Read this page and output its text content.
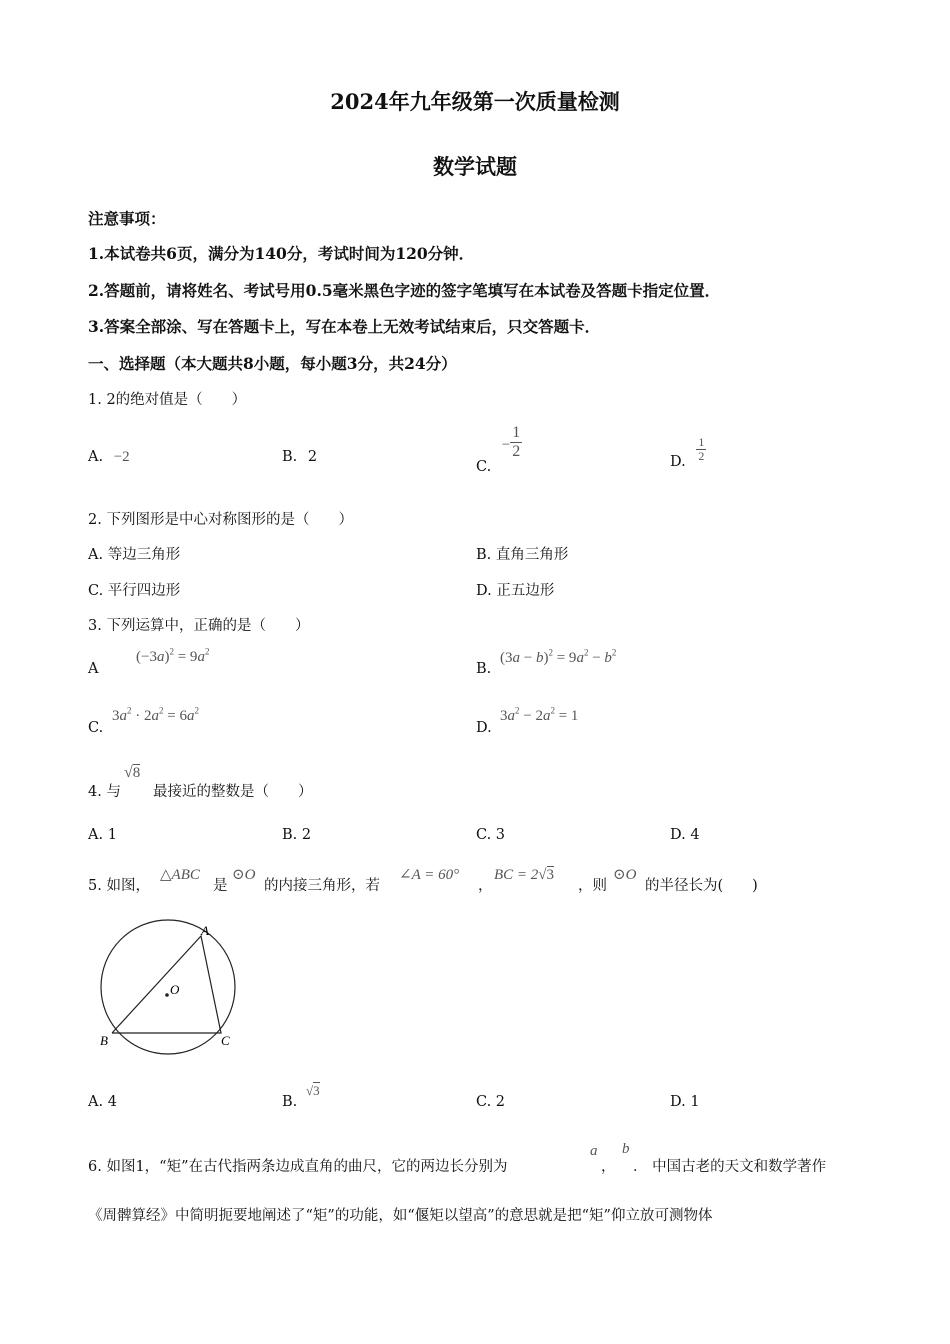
2024年九年级第一次质量检测
数学试题
注意事项：
1.本试卷共6页，满分为140分，考试时间为120分钟．
2.答题前，请将姓名、考试号用0.5毫米黑色字迹的签字笔填写在本试卷及答题卡指定位置．
3.答案全部涂、写在答题卡上，写在本卷上无效考试结束后，只交答题卡．
一、选择题（本大题共8小题，每小题3分，共24分）
1. 2的绝对值是（　　）
A. −2	B. 2
C. − $\frac{1}{2}$
D. $\frac{1}{2}$
2. 下列图形是中心对称图形的是（　　）
A. 等边三角形	B. 直角三角形
C. 平行四边形	D. 正五边形
3. 下列运算中，正确的是（　　）
A
$(-3a)^2 = 9a^2$
B.
$(3a - b)^2 = 9a^2 - b^2$
C.
$3a^2 \cdot 2a^2 = 6a^2$
D.
$3a^2 - 2a^2 = 1$
4. 与
√8
最接近的整数是（　　）
A. 1	B. 2	C. 3	D. 4
5. 如图，
△ABC
是
⊙O
的内接三角形，若
∠A = 60°
，
BC = 2√3
，则
⊙O
的半径长为(　　)
A
B	C
O
A. 4	B.
√3
C. 2	D. 1
6. 如图1，“矩”在古代指两条边成直角的曲尺，它的两边长分别为
a
，
b
． 中国古老的天文和数学著作
《周髀算经》中简明扼要地阐述了“矩”的功能，如“偃矩以望高”的意思就是把“矩”仰立放可测物体
